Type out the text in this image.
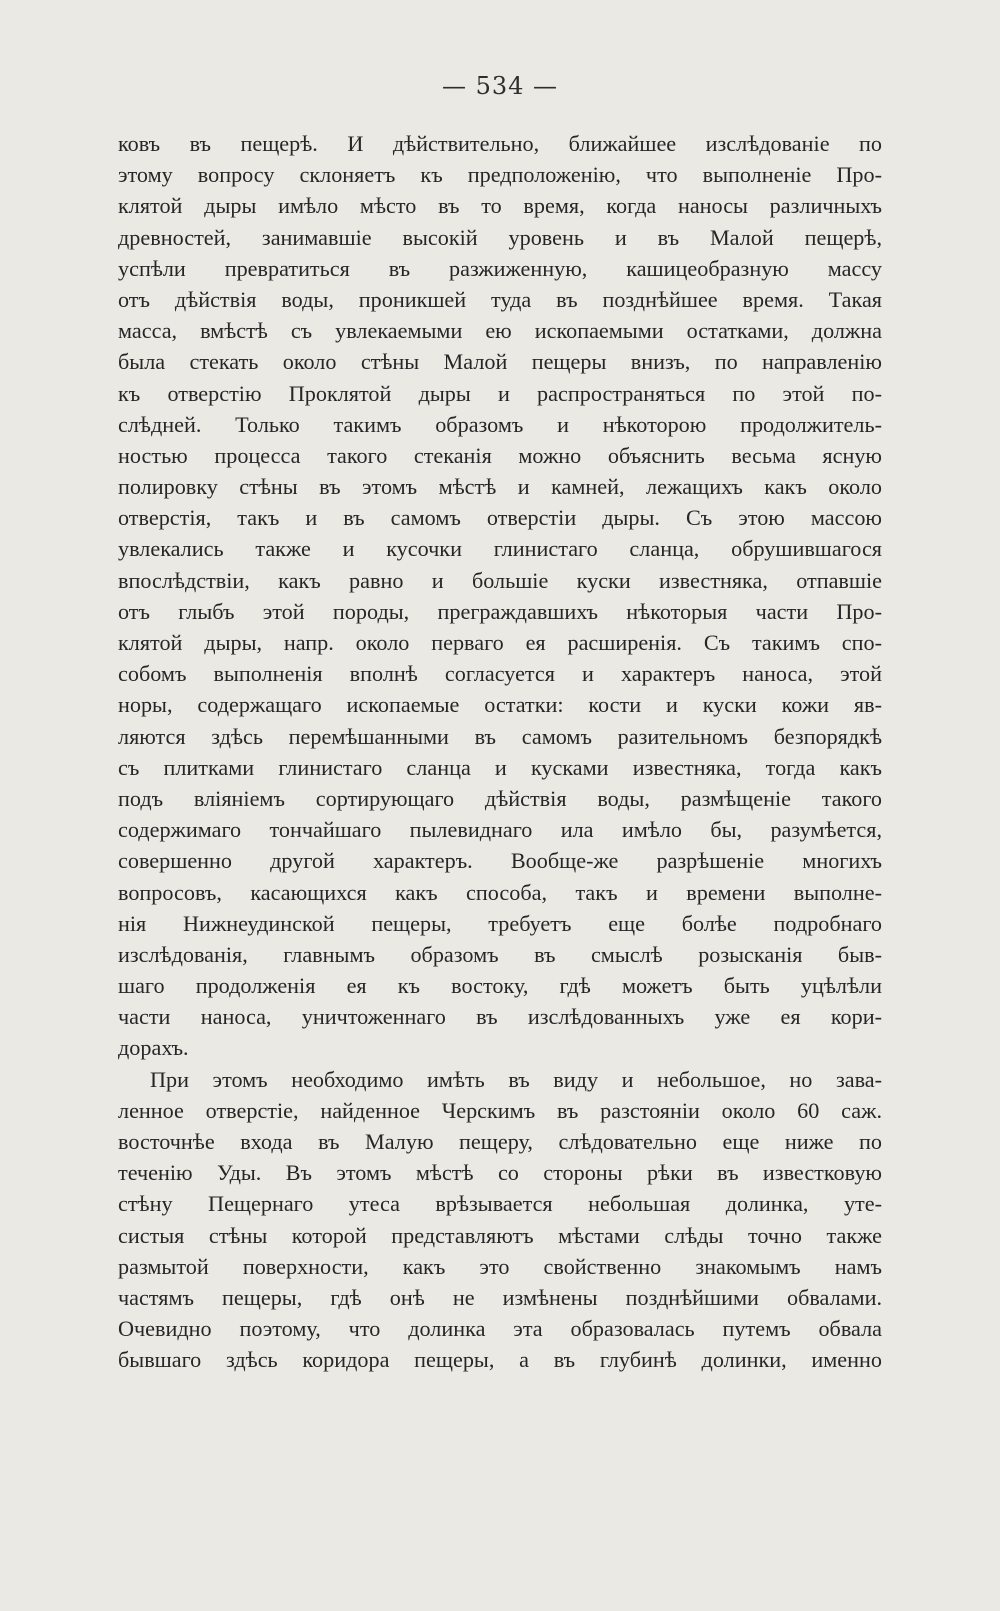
— 534 —
ковъ въ пещерѣ. И дѣйствительно, ближайшее изслѣдованіе по
этому вопросу склоняетъ къ предположенію, что выполненіе Про-
клятой дыры имѣло мѣсто въ то время, когда наносы различныхъ
древностей, занимавшіе высокій уровень и въ Малой пещерѣ,
успѣли превратиться въ разжиженную, кашицеобразную массу
отъ дѣйствія воды, проникшей туда въ позднѣйшее время. Такая
масса, вмѣстѣ съ увлекаемыми ею ископаемыми остатками, должна
была стекать около стѣны Малой пещеры внизъ, по направленію
къ отверстію Проклятой дыры и распространяться по этой по-
слѣдней. Только такимъ образомъ и нѣкоторою продолжитель-
ностью процесса такого стеканія можно объяснить весьма ясную
полировку стѣны въ этомъ мѣстѣ и камней, лежащихъ какъ около
отверстія, такъ и въ самомъ отверстіи дыры. Съ этою массою
увлекались также и кусочки глинистаго сланца, обрушившагося
впослѣдствіи, какъ равно и большіе куски известняка, отпавшіе
отъ глыбъ этой породы, преграждавшихъ нѣкоторыя части Про-
клятой дыры, напр. около перваго ея расширенія. Съ такимъ спо-
собомъ выполненія вполнѣ согласуется и характеръ наноса, этой
норы, содержащаго ископаемые остатки: кости и куски кожи яв-
ляются здѣсь перемѣшанными въ самомъ разительномъ безпорядкѣ
съ плитками глинистаго сланца и кусками известняка, тогда какъ
подъ вліяніемъ сортирующаго дѣйствія воды, размѣщеніе такого
содержимаго тончайшаго пылевиднаго ила имѣло бы, разумѣется,
совершенно другой характеръ. Вообще-же разрѣшеніе многихъ
вопросовъ, касающихся какъ способа, такъ и времени выполне-
нія Нижнеудинской пещеры, требуетъ еще болѣе подробнаго
изслѣдованія, главнымъ образомъ въ смыслѣ розысканія быв-
шаго продолженія ея къ востоку, гдѣ можетъ быть уцѣлѣли
части наноса, уничтоженнаго въ изслѣдованныхъ уже ея кори-
дорахъ.
При этомъ необходимо имѣть въ виду и небольшое, но зава-
ленное отверстіе, найденное Черскимъ въ разстояніи около 60 саж.
восточнѣе входа въ Малую пещеру, слѣдовательно еще ниже по
теченію Уды. Въ этомъ мѣстѣ со стороны рѣки въ известковую
стѣну Пещернаго утеса врѣзывается небольшая долинка, уте-
систыя стѣны которой представляютъ мѣстами слѣды точно также
размытой поверхности, какъ это свойственно знакомымъ намъ
частямъ пещеры, гдѣ онѣ не измѣнены позднѣйшими обвалами.
Очевидно поэтому, что долинка эта образовалась путемъ обвала
бывшаго здѣсь коридора пещеры, а въ глубинѣ долинки, именно
